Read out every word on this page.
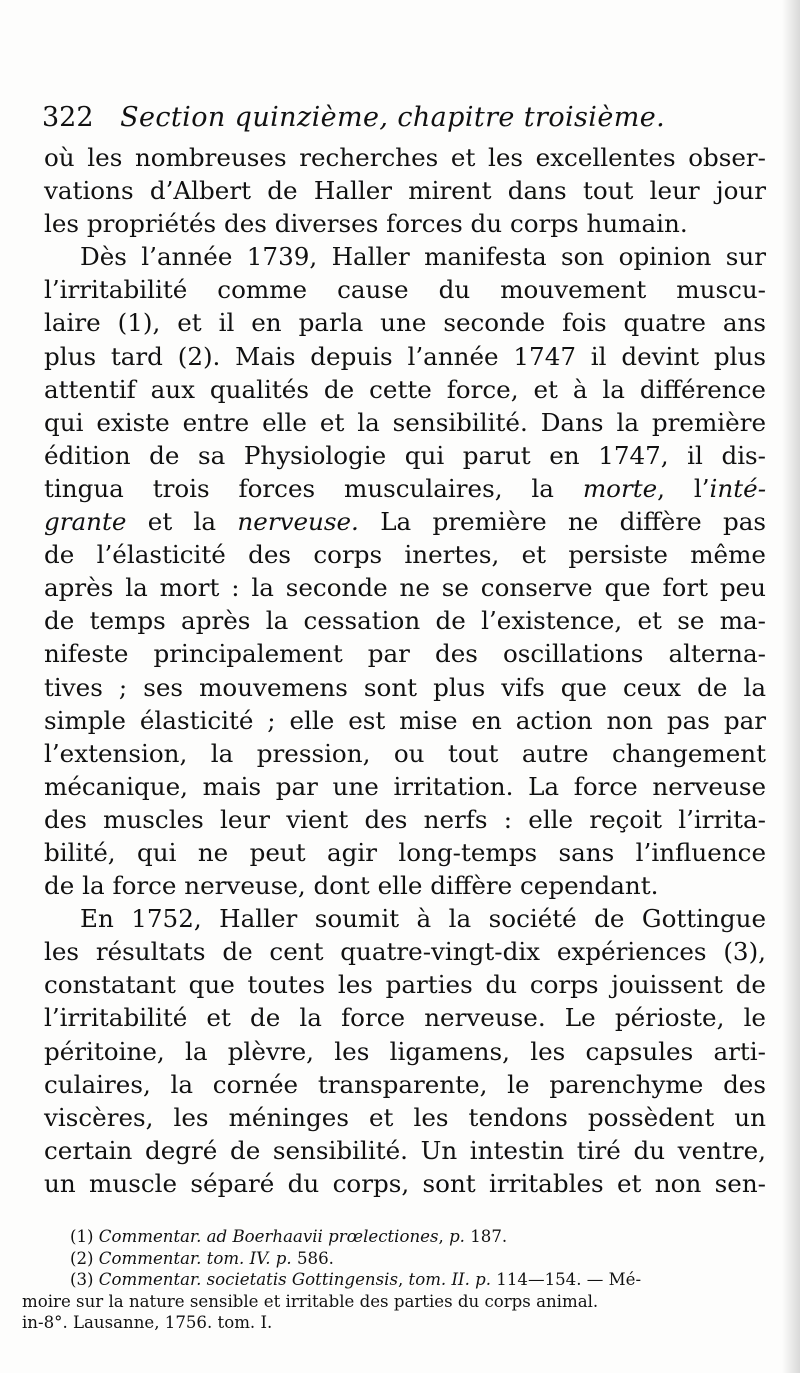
322 Section quinzième, chapitre troisième.
où les nombreuses recherches et les excellentes obser-
vations d’Albert de Haller mirent dans tout leur jour
les propriétés des diverses forces du corps humain.
Dès l’année 1739, Haller manifesta son opinion sur
l’irritabilité comme cause du mouvement muscu-
laire (1), et il en parla une seconde fois quatre ans
plus tard (2). Mais depuis l’année 1747 il devint plus
attentif aux qualités de cette force, et à la différence
qui existe entre elle et la sensibilité. Dans la première
édition de sa Physiologie qui parut en 1747, il dis-
tingua trois forces musculaires, la morte, l’inté-
grante et la nerveuse. La première ne diffère pas
de l’élasticité des corps inertes, et persiste même
après la mort : la seconde ne se conserve que fort peu
de temps après la cessation de l’existence, et se ma-
nifeste principalement par des oscillations alterna-
tives ; ses mouvemens sont plus vifs que ceux de la
simple élasticité ; elle est mise en action non pas par
l’extension, la pression, ou tout autre changement
mécanique, mais par une irritation. La force nerveuse
des muscles leur vient des nerfs : elle reçoit l’irrita-
bilité, qui ne peut agir long-temps sans l’influence
de la force nerveuse, dont elle diffère cependant.
En 1752, Haller soumit à la société de Gottingue
les résultats de cent quatre-vingt-dix expériences (3),
constatant que toutes les parties du corps jouissent de
l’irritabilité et de la force nerveuse. Le périoste, le
péritoine, la plèvre, les ligamens, les capsules arti-
culaires, la cornée transparente, le parenchyme des
viscères, les méninges et les tendons possèdent un
certain degré de sensibilité. Un intestin tiré du ventre,
un muscle séparé du corps, sont irritables et non sen-
(1) Commentar. ad Boerhaavii prœlectiones, p. 187.
(2) Commentar. tom. IV. p. 586.
(3) Commentar. societatis Gottingensis, tom. II. p. 114—154. — Mé-
moire sur la nature sensible et irritable des parties du corps animal.
in-8°. Lausanne, 1756. tom. I.
